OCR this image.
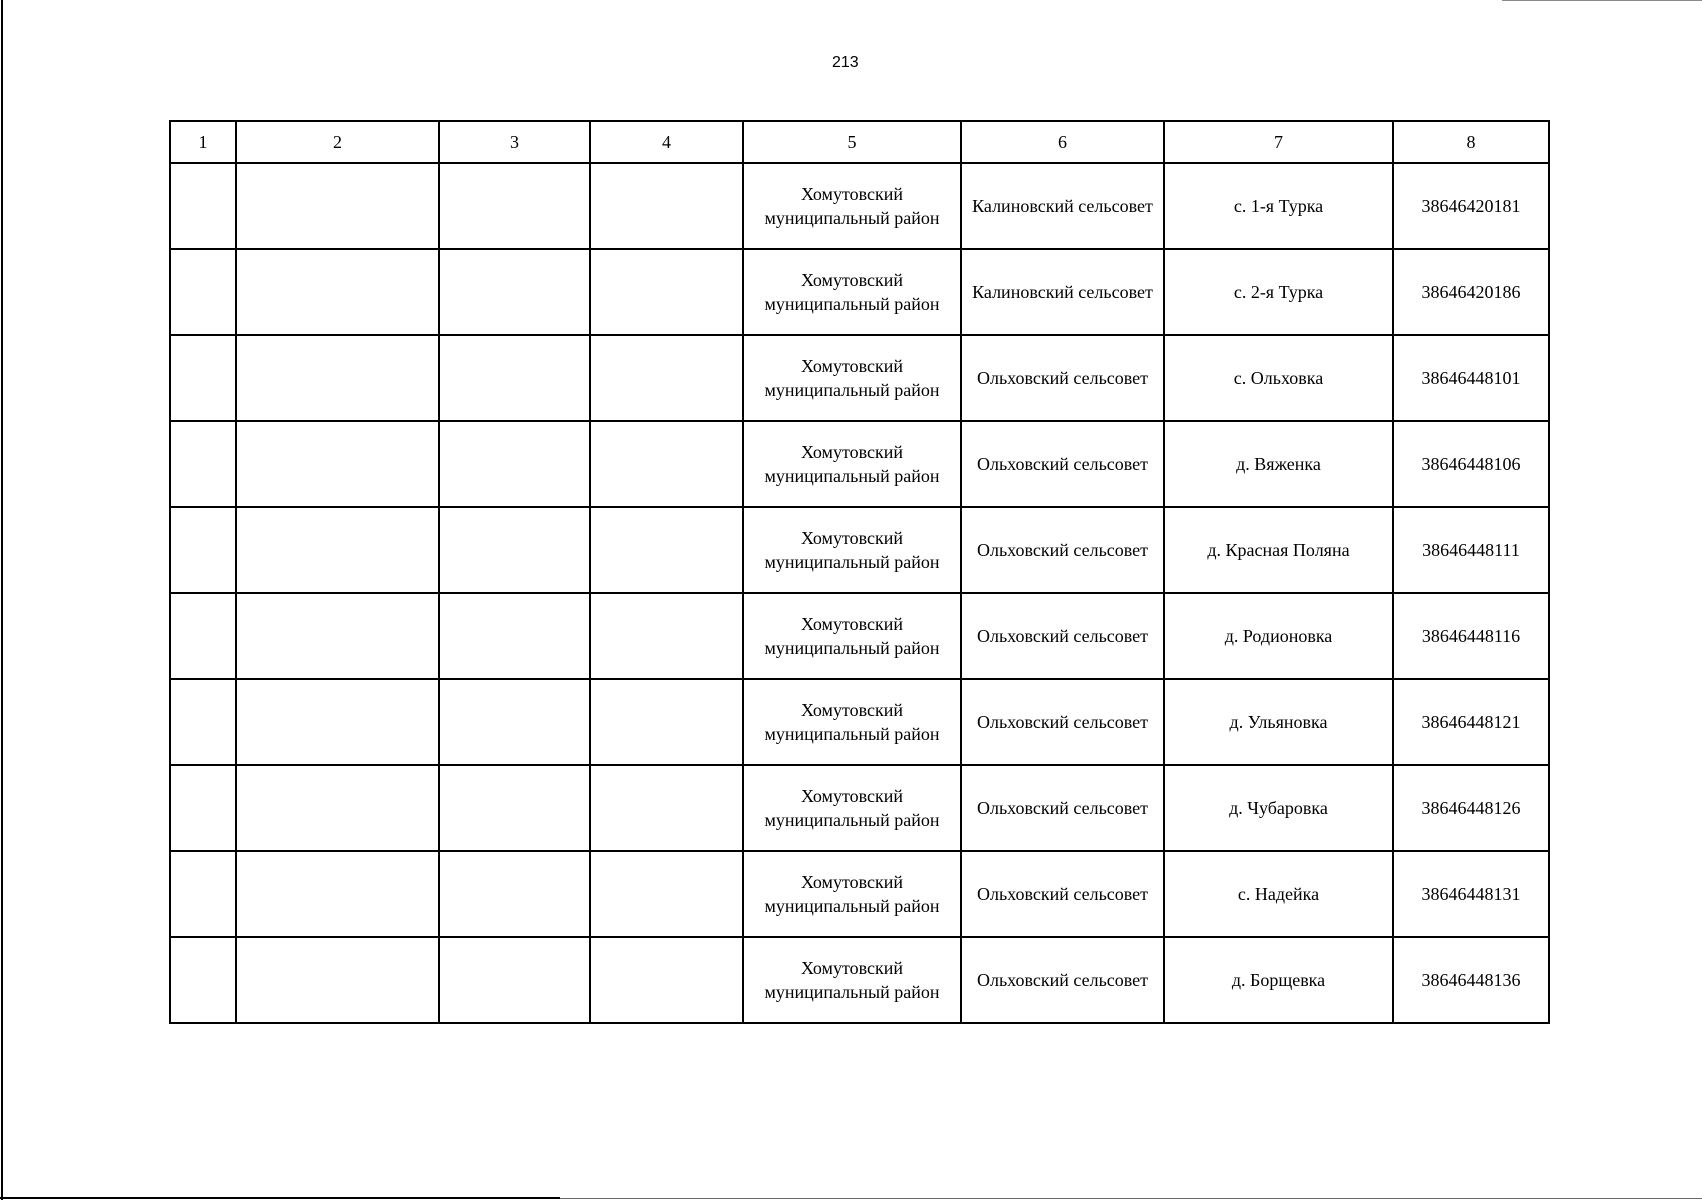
213
1	2	3	4	5	6	7	8

				Хомутовский
муниципальный район	Калиновский сельсовет	с. 1-я Турка	38646420181

				Хомутовский
муниципальный район	Калиновский сельсовет	с. 2-я Турка	38646420186

				Хомутовский
муниципальный район	Ольховский сельсовет	с. Ольховка	38646448101

				Хомутовский
муниципальный район	Ольховский сельсовет	д. Вяженка	38646448106

				Хомутовский
муниципальный район	Ольховский сельсовет	д. Красная Поляна	38646448111

				Хомутовский
муниципальный район	Ольховский сельсовет	д. Родионовка	38646448116

				Хомутовский
муниципальный район	Ольховский сельсовет	д. Ульяновка	38646448121

				Хомутовский
муниципальный район	Ольховский сельсовет	д. Чубаровка	38646448126

				Хомутовский
муниципальный район	Ольховский сельсовет	с. Надейка	38646448131

				Хомутовский
муниципальный район	Ольховский сельсовет	д. Борщевка	38646448136
